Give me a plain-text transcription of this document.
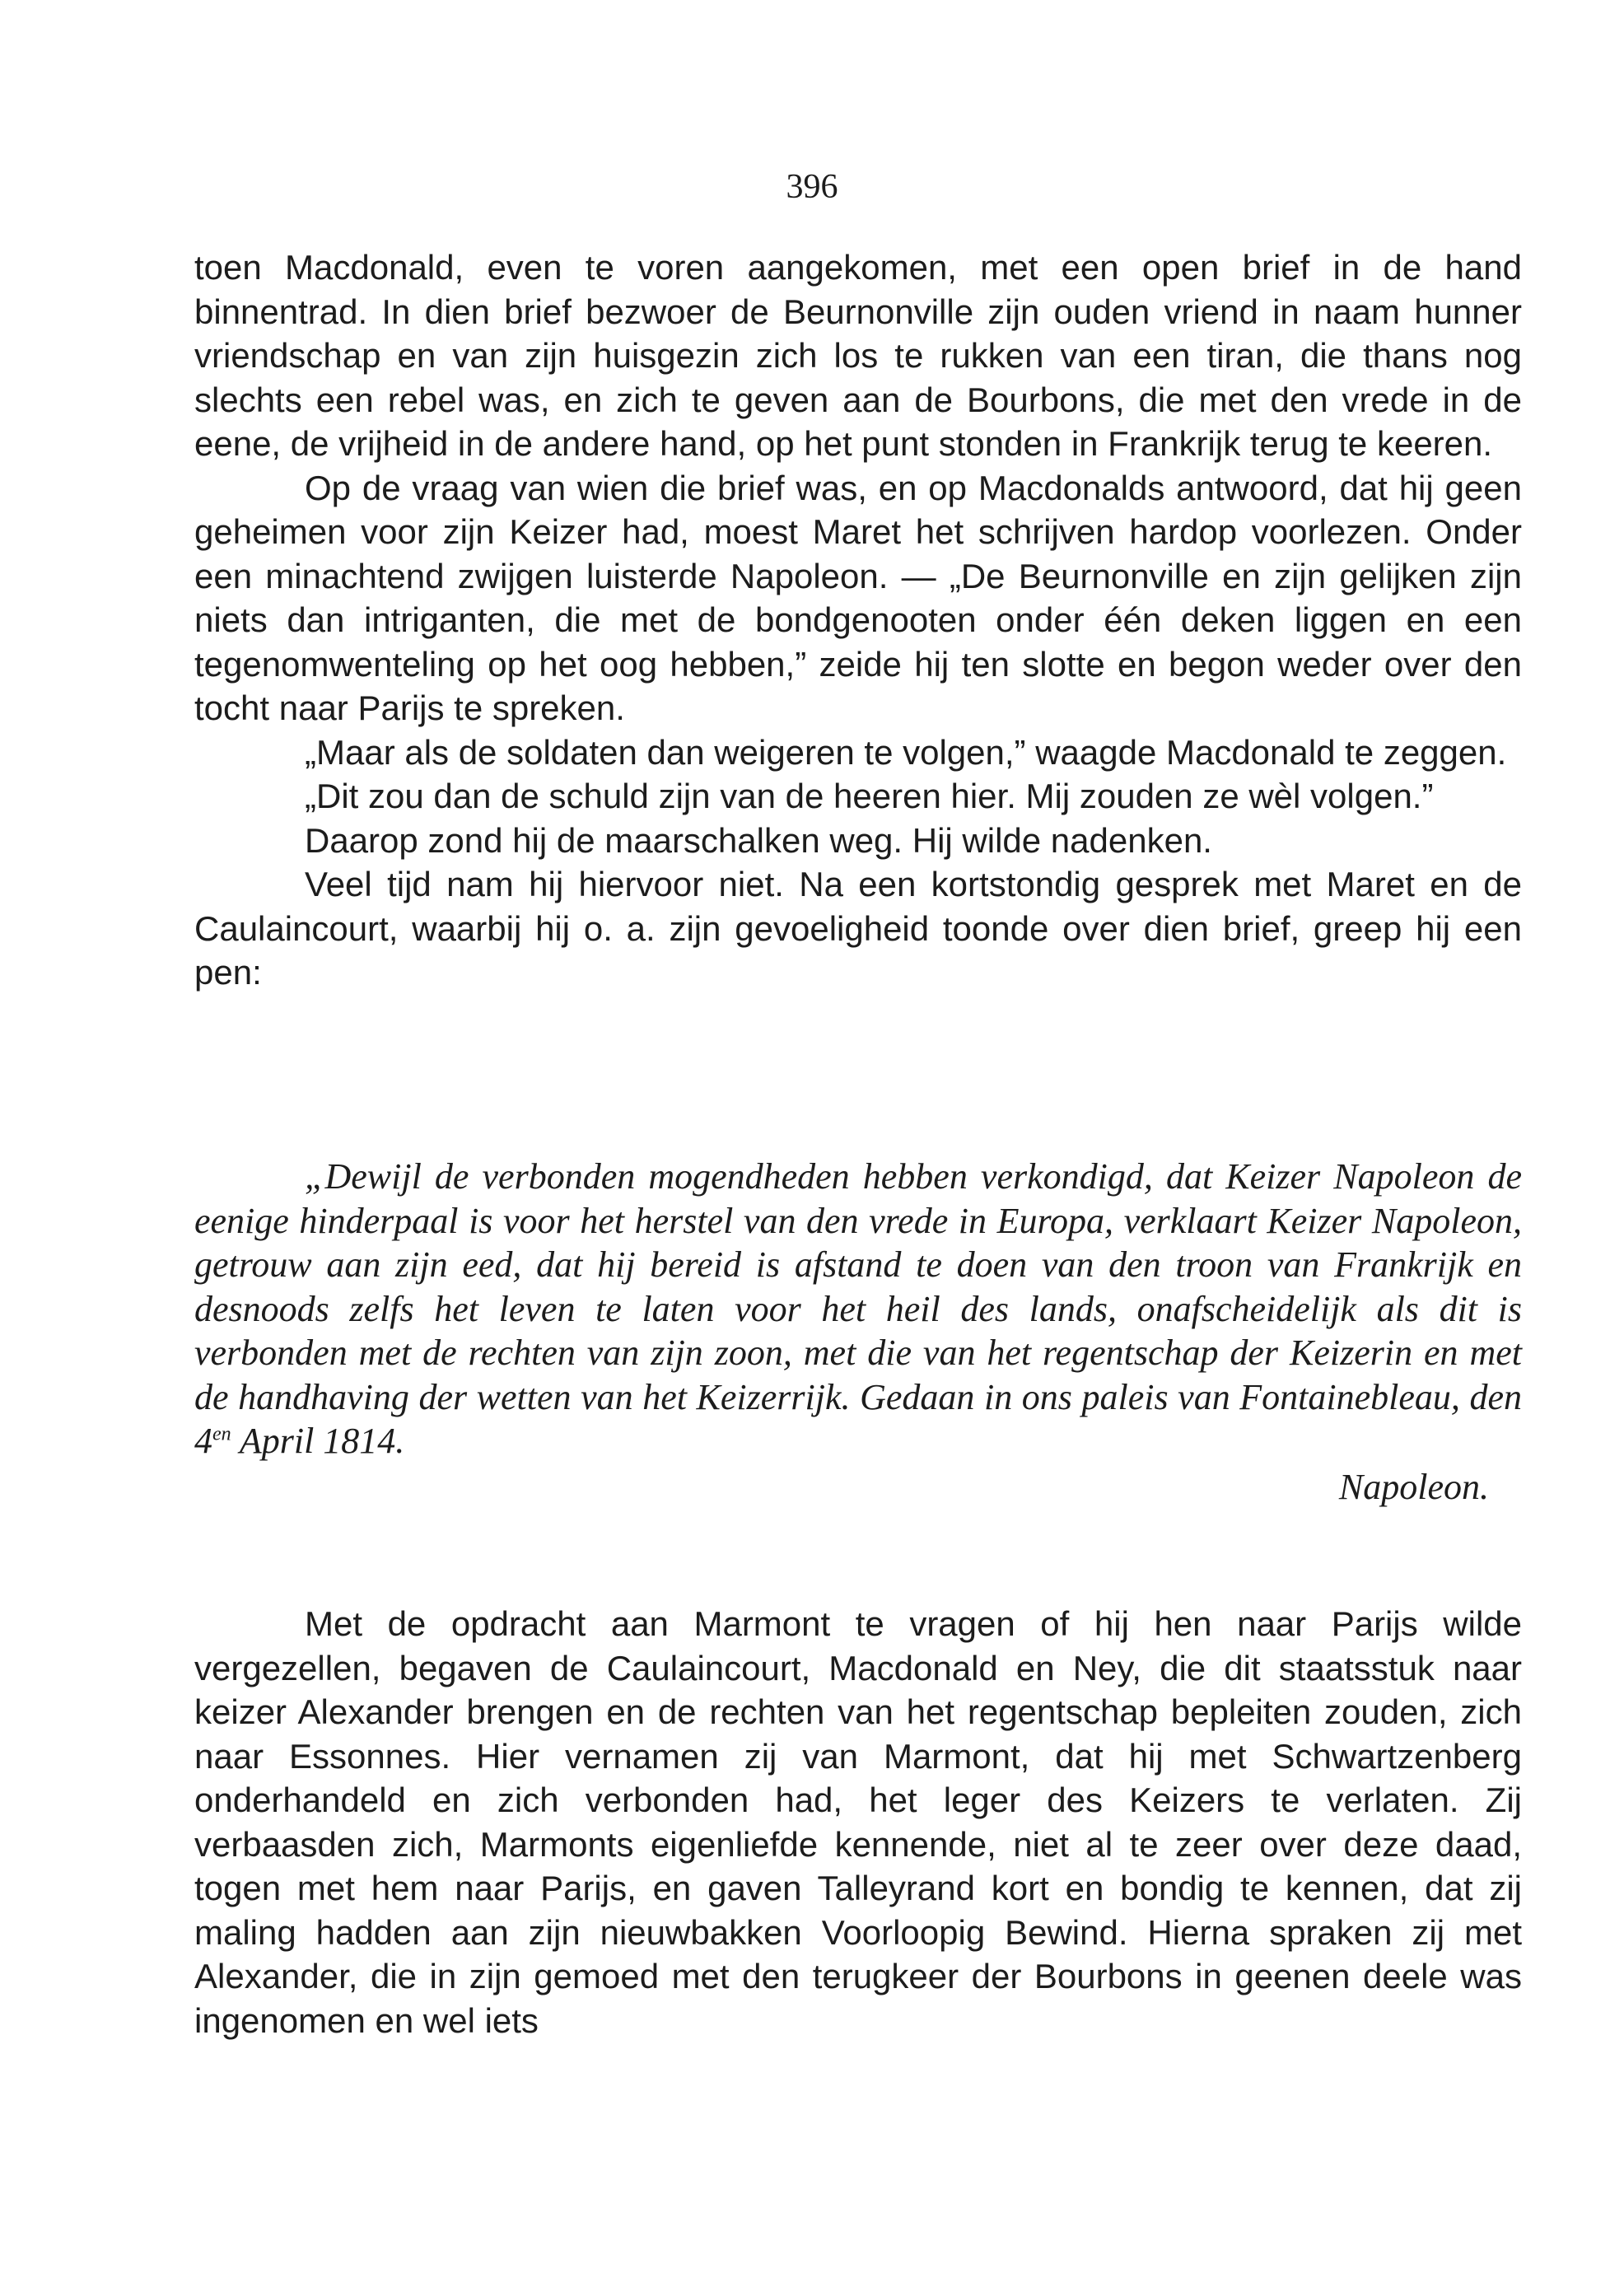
396

toen Macdonald, even te voren aangekomen, met een open brief in de hand binnentrad. In dien brief bezwoer de Beurnonville zijn ouden vriend in naam hunner vriendschap en van zijn huisgezin zich los te rukken van een tiran, die thans nog slechts een rebel was, en zich te geven aan de Bourbons, die met den vrede in de eene, de vrijheid in de andere hand, op het punt stonden in Frankrijk terug te keeren.

Op de vraag van wien die brief was, en op Macdonalds antwoord, dat hij geen geheimen voor zijn Keizer had, moest Maret het schrijven hardop voorlezen. Onder een minachtend zwijgen luisterde Napoleon. — „De Beurnonville en zijn gelijken zijn niets dan intriganten, die met de bondgenooten onder één deken liggen en een tegenomwenteling op het oog hebben,” zeide hij ten slotte en begon weder over den tocht naar Parijs te spreken.

„Maar als de soldaten dan weigeren te volgen,” waagde Macdonald te zeggen.

„Dit zou dan de schuld zijn van de heeren hier. Mij zouden ze wèl volgen.”

Daarop zond hij de maarschalken weg. Hij wilde nadenken.

Veel tijd nam hij hiervoor niet. Na een kortstondig gesprek met Maret en de Caulaincourt, waarbij hij o. a. zijn gevoeligheid toonde over dien brief, greep hij een pen:

„Dewijl de verbonden mogendheden hebben verkondigd, dat Keizer Napoleon de eenige hinderpaal is voor het herstel van den vrede in Europa, verklaart Keizer Napoleon, getrouw aan zijn eed, dat hij bereid is afstand te doen van den troon van Frankrijk en desnoods zelfs het leven te laten voor het heil des lands, onafscheidelijk als dit is verbonden met de rechten van zijn zoon, met die van het regentschap der Keizerin en met de handhaving der wetten van het Keizerrijk. Gedaan in ons paleis van Fontainebleau, den $4^{en}$ April 1814.

Napoleon.

Met de opdracht aan Marmont te vragen of hij hen naar Parijs wilde vergezellen, begaven de Caulaincourt, Macdonald en Ney, die dit staatsstuk naar keizer Alexander brengen en de rechten van het regentschap bepleiten zouden, zich naar Essonnes. Hier vernamen zij van Marmont, dat hij met Schwartzenberg onderhandeld en zich verbonden had, het leger des Keizers te verlaten. Zij verbaasden zich, Marmonts eigenliefde kennende, niet al te zeer over deze daad, togen met hem naar Parijs, en gaven Talleyrand kort en bondig te kennen, dat zij maling hadden aan zijn nieuwbakken Voorloopig Bewind. Hierna spraken zij met Alexander, die in zijn gemoed met den terugkeer der Bourbons in geenen deele was ingenomen en wel iets
